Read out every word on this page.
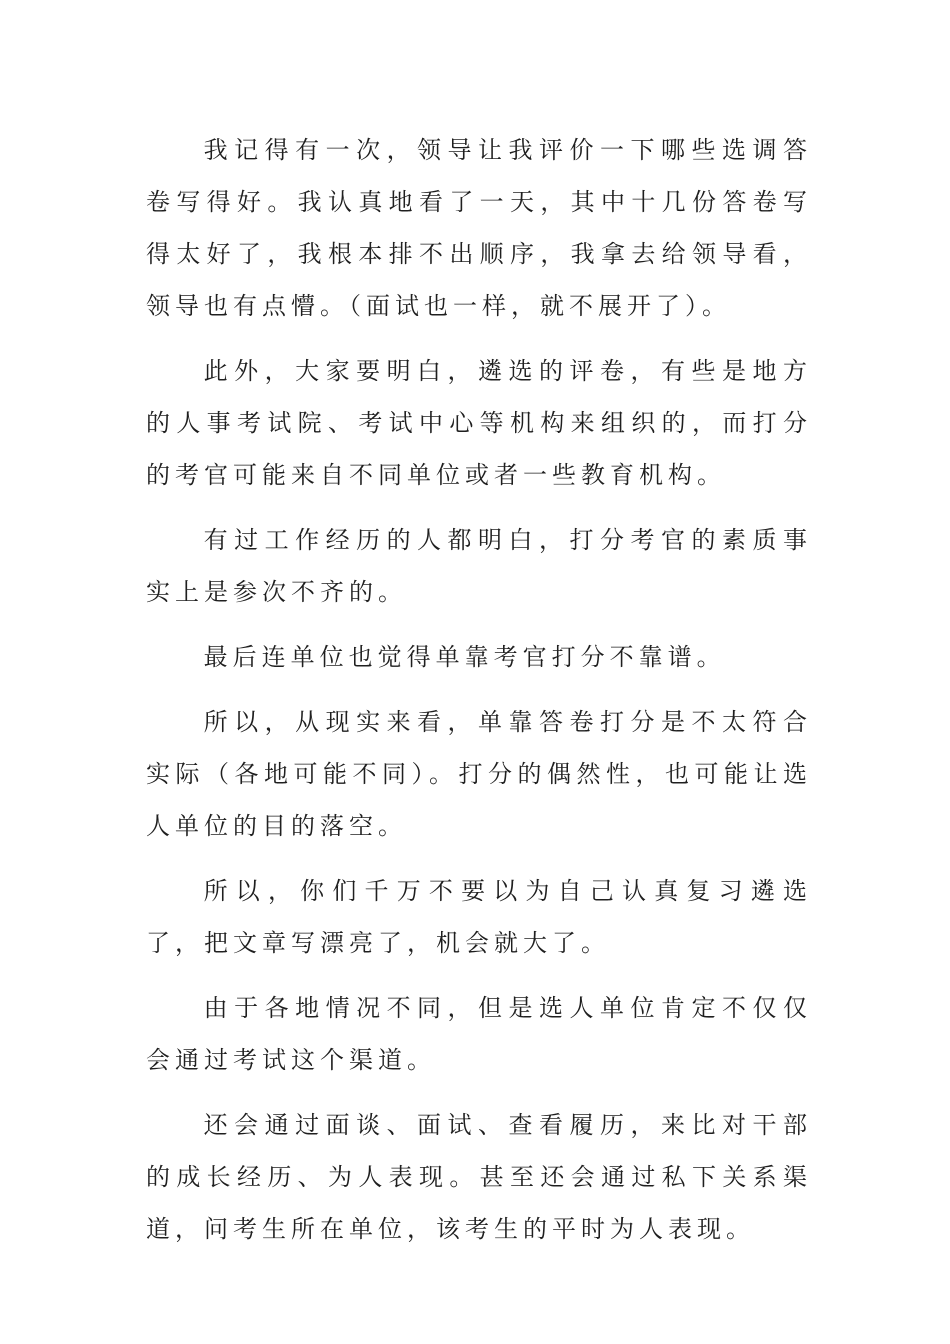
我记得有一次，领导让我评价一下哪些选调答卷写得好。我认真地看了一天，其中十几份答卷写得太好了，我根本排不出顺序，我拿去给领导看，领导也有点懵。（面试也一样，就不展开了）。

此外，大家要明白，遴选的评卷，有些是地方的人事考试院、考试中心等机构来组织的，而打分的考官可能来自不同单位或者一些教育机构。

有过工作经历的人都明白，打分考官的素质事实上是参次不齐的。

最后连单位也觉得单靠考官打分不靠谱。

所以，从现实来看，单靠答卷打分是不太符合实际（各地可能不同）。打分的偶然性，也可能让选人单位的目的落空。

所以，你们千万不要以为自己认真复习遴选了，把文章写漂亮了，机会就大了。

由于各地情况不同，但是选人单位肯定不仅仅会通过考试这个渠道。

还会通过面谈、面试、查看履历，来比对干部的成长经历、为人表现。甚至还会通过私下关系渠道，问考生所在单位，该考生的平时为人表现。
